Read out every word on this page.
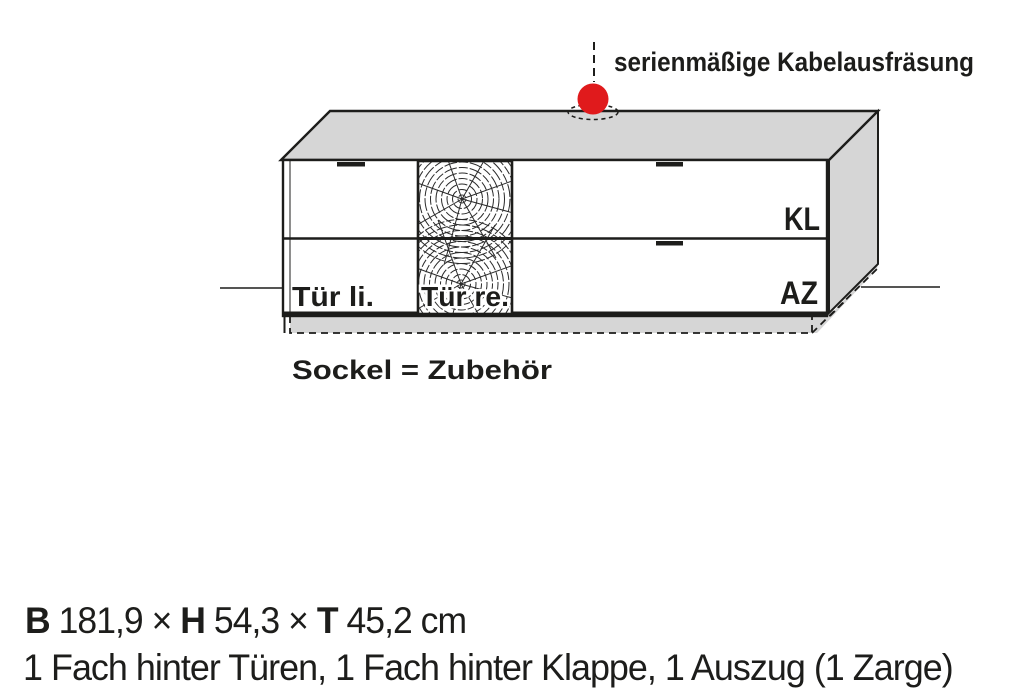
serienmäßige Kabelausfräsung
Tür li. Tür re.
KL
AZ
Sockel = Zubehör
B 181,9 × H 54,3 × T 45,2 cm
1 Fach hinter Türen, 1 Fach hinter Klappe, 1 Auszug (1 Zarge)
